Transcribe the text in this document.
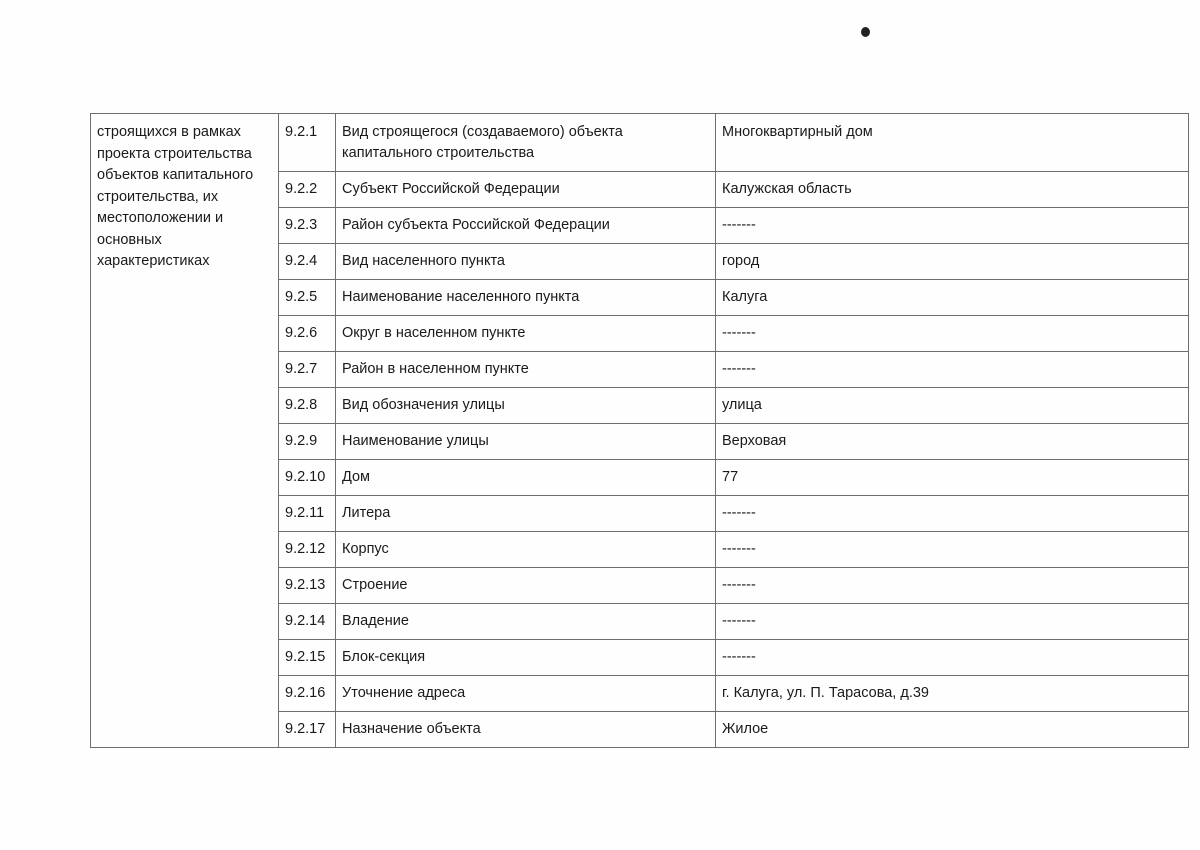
строящихся в рамках проекта строительства объектов капитального строительства, их местоположении и основных характеристиках	9.2.1	Вид строящегося (создаваемого) объекта капитального строительства	Многоквартирный дом
	9.2.2	Субъект Российской Федерации	Калужская область
	9.2.3	Район субъекта Российской Федерации	-------
	9.2.4	Вид населенного пункта	город
	9.2.5	Наименование населенного пункта	Калуга
	9.2.6	Округ в населенном пункте	-------
	9.2.7	Район в населенном пункте	-------
	9.2.8	Вид обозначения улицы	улица
	9.2.9	Наименование улицы	Верховая
	9.2.10	Дом	77
	9.2.11	Литера	-------
	9.2.12	Корпус	-------
	9.2.13	Строение	-------
	9.2.14	Владение	-------
	9.2.15	Блок-секция	-------
	9.2.16	Уточнение адреса	г. Калуга, ул. П. Тарасова, д.39
	9.2.17	Назначение объекта	Жилое
